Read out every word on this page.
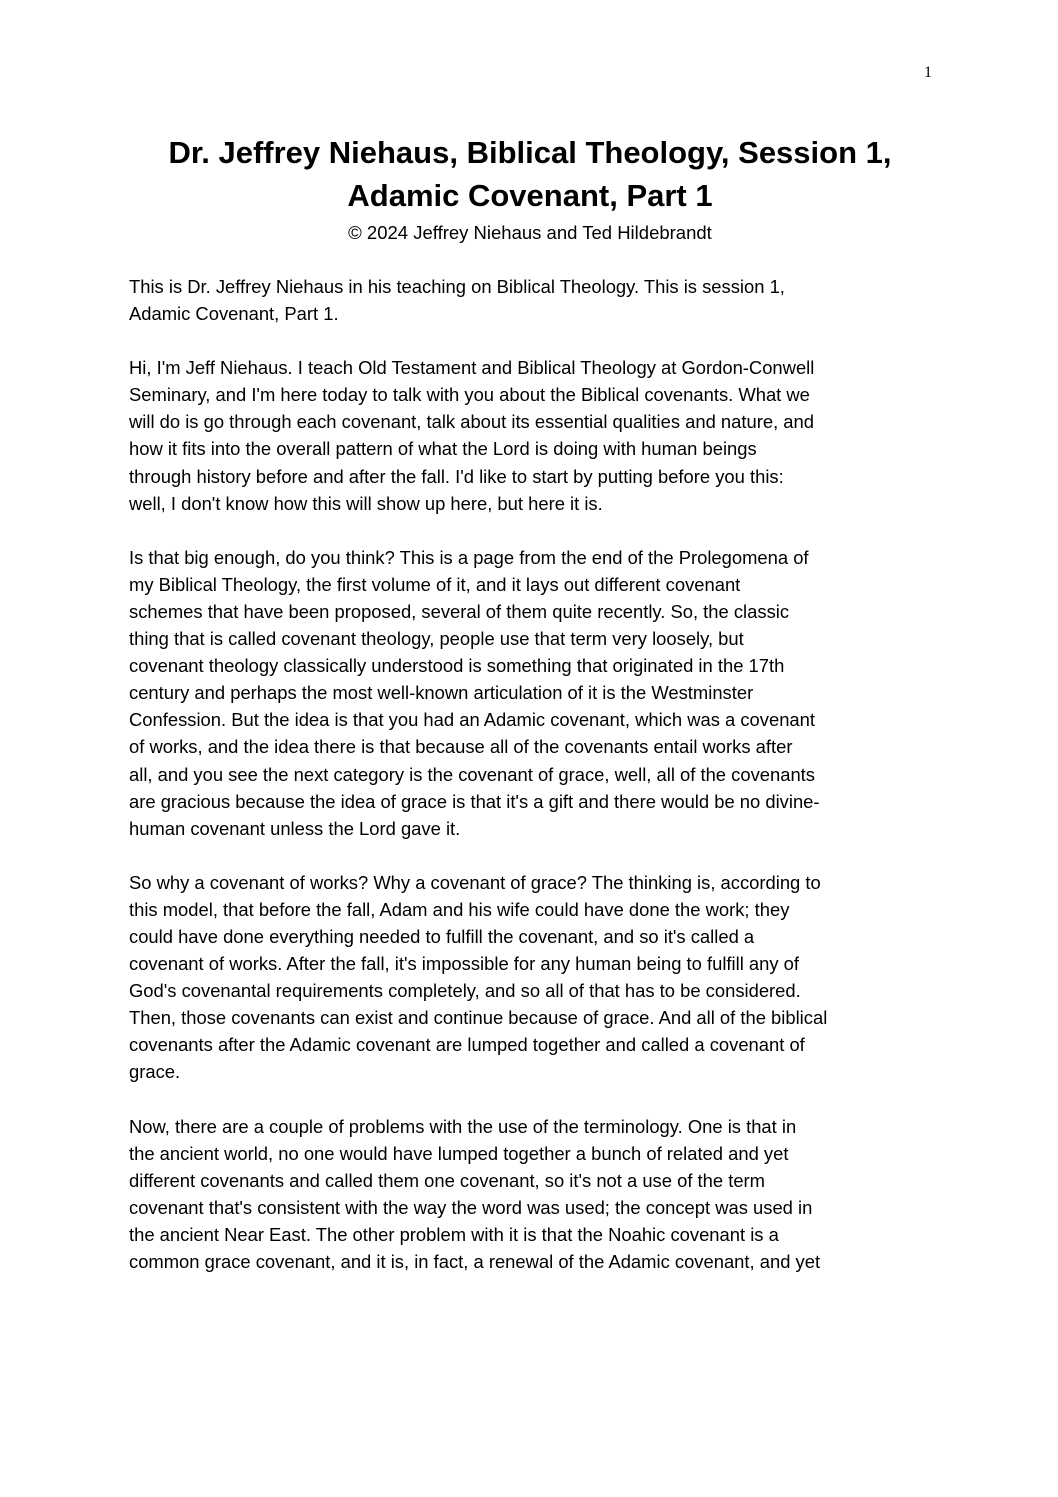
1
Dr. Jeffrey Niehaus, Biblical Theology, Session 1,
Adamic Covenant, Part 1
© 2024 Jeffrey Niehaus and Ted Hildebrandt

This is Dr. Jeffrey Niehaus in his teaching on Biblical Theology. This is session 1,
Adamic Covenant, Part 1.

Hi, I'm Jeff Niehaus. I teach Old Testament and Biblical Theology at Gordon-Conwell
Seminary, and I'm here today to talk with you about the Biblical covenants. What we
will do is go through each covenant, talk about its essential qualities and nature, and
how it fits into the overall pattern of what the Lord is doing with human beings
through history before and after the fall. I'd like to start by putting before you this:
well, I don't know how this will show up here, but here it is.

Is that big enough, do you think? This is a page from the end of the Prolegomena of
my Biblical Theology, the first volume of it, and it lays out different covenant
schemes that have been proposed, several of them quite recently. So, the classic
thing that is called covenant theology, people use that term very loosely, but
covenant theology classically understood is something that originated in the 17th
century and perhaps the most well-known articulation of it is the Westminster
Confession. But the idea is that you had an Adamic covenant, which was a covenant
of works, and the idea there is that because all of the covenants entail works after
all, and you see the next category is the covenant of grace, well, all of the covenants
are gracious because the idea of grace is that it's a gift and there would be no divine-
human covenant unless the Lord gave it.

So why a covenant of works? Why a covenant of grace? The thinking is, according to
this model, that before the fall, Adam and his wife could have done the work; they
could have done everything needed to fulfill the covenant, and so it's called a
covenant of works. After the fall, it's impossible for any human being to fulfill any of
God's covenantal requirements completely, and so all of that has to be considered.
Then, those covenants can exist and continue because of grace. And all of the biblical
covenants after the Adamic covenant are lumped together and called a covenant of
grace.

Now, there are a couple of problems with the use of the terminology. One is that in
the ancient world, no one would have lumped together a bunch of related and yet
different covenants and called them one covenant, so it's not a use of the term
covenant that's consistent with the way the word was used; the concept was used in
the ancient Near East. The other problem with it is that the Noahic covenant is a
common grace covenant, and it is, in fact, a renewal of the Adamic covenant, and yet
